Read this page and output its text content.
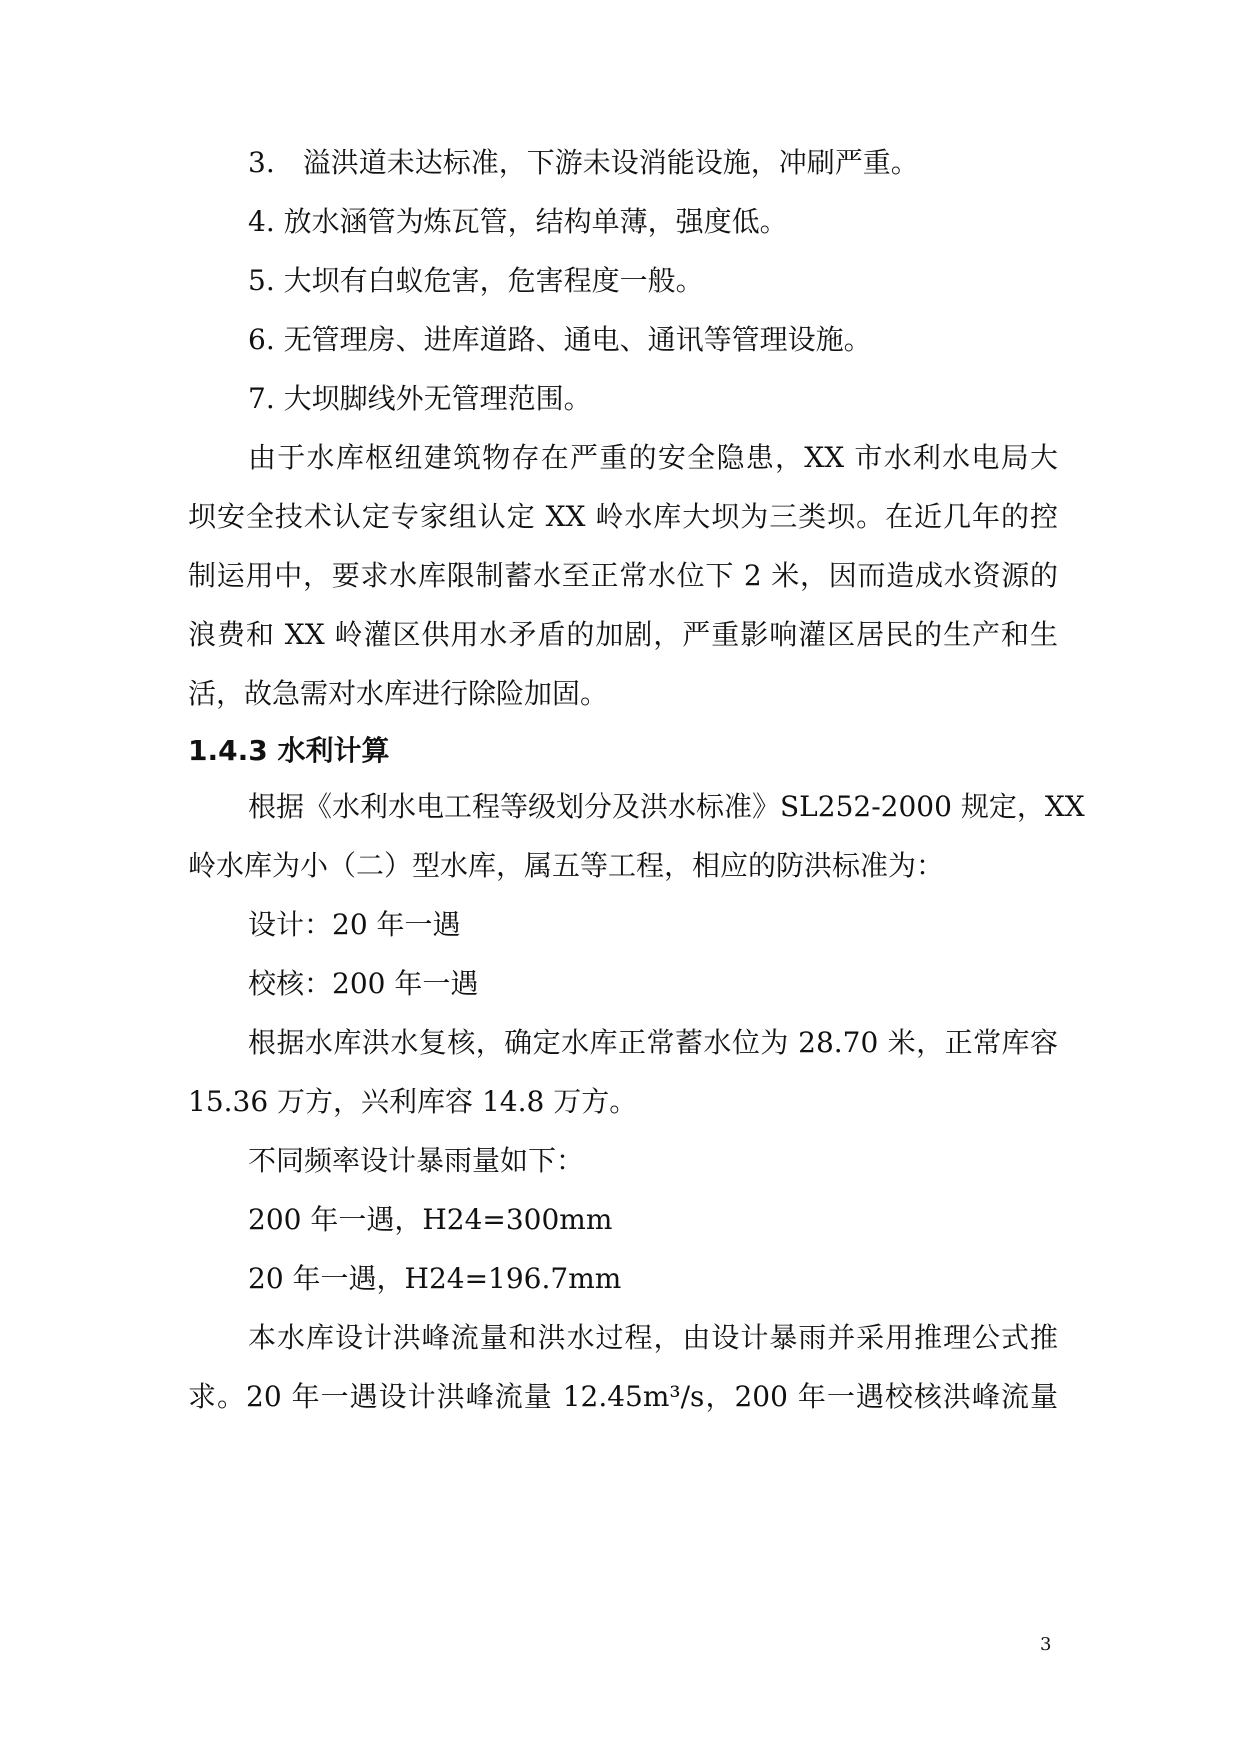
3.　溢洪道未达标准，下游未设消能设施，冲刷严重。
4. 放水涵管为炼瓦管，结构单薄，强度低。
5. 大坝有白蚁危害，危害程度一般。
6. 无管理房、进库道路、通电、通讯等管理设施。
7. 大坝脚线外无管理范围。
由于水库枢纽建筑物存在严重的安全隐患，XX 市水利水电局大
坝安全技术认定专家组认定 XX 岭水库大坝为三类坝。在近几年的控
制运用中，要求水库限制蓄水至正常水位下 2 米，因而造成水资源的
浪费和 XX 岭灌区供用水矛盾的加剧，严重影响灌区居民的生产和生
活，故急需对水库进行除险加固。
1.4.3 水利计算
根据《水利水电工程等级划分及洪水标准》SL252-2000 规定，XX
岭水库为小（二）型水库，属五等工程，相应的防洪标准为：
设计：20 年一遇
校核：200 年一遇
根据水库洪水复核，确定水库正常蓄水位为 28.70 米，正常库容
15.36 万方，兴利库容 14.8 万方。
不同频率设计暴雨量如下：
200 年一遇，H24=300mm
20 年一遇，H24=196.7mm
本水库设计洪峰流量和洪水过程，由设计暴雨并采用推理公式推
求。20 年一遇设计洪峰流量 12.45m³/s，200 年一遇校核洪峰流量
3
